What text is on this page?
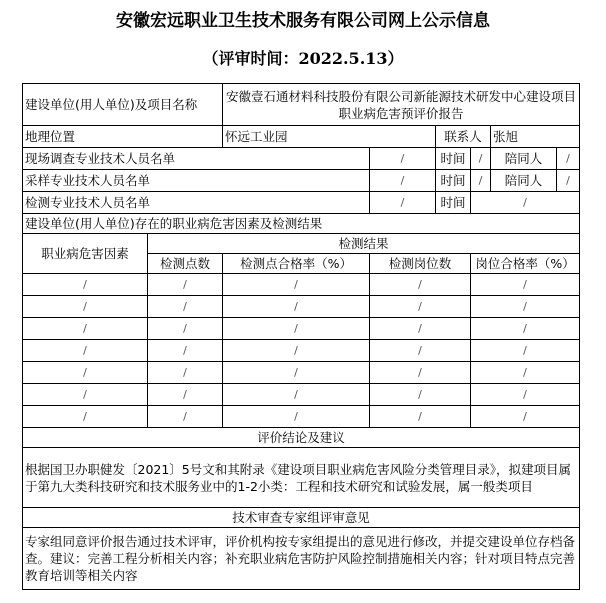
安徽宏远职业卫生技术服务有限公司网上公示信息
（评审时间：2022.5.13）
建设单位(用人单位)及项目名称		安徽壹石通材料科技股份有限公司新能源技术研发中心建设项目职业病危害预评价报告					
地理位置		怀远工业园		联系人		张旭	
现场调查专业技术人员名单			/	时间	/	陪同人	/
采样专业技术人员名单			/	时间	/	陪同人	/
检测专业技术人员名单			/	时间	/		
建设单位(用人单位)存在的职业病危害因素及检测结果							
职业病危害因素	检测结果						
	检测点数	检测点合格率（%）	检测岗位数		岗位合格率（%）		
/	/	/	/		/		
/	/	/	/		/		
/	/	/	/		/		
/	/	/	/		/		
/	/	/	/		/		
/	/	/	/		/		
/	/	/	/		/		
评价结论及建议							
根据国卫办职健发〔2021〕5号文和其附录《建设项目职业病危害风险分类管理目录》，拟建项目属于第九大类科技研究和技术服务业中的1-2小类：工程和技术研究和试验发展，属一般类项目							
技术审查专家组评审意见							
专家组同意评价报告通过技术评审，评价机构按专家组提出的意见进行修改，并提交建设单位存档备查。建议：完善工程分析相关内容；补充职业病危害防护风险控制措施相关内容；针对项目特点完善教育培训等相关内容							
